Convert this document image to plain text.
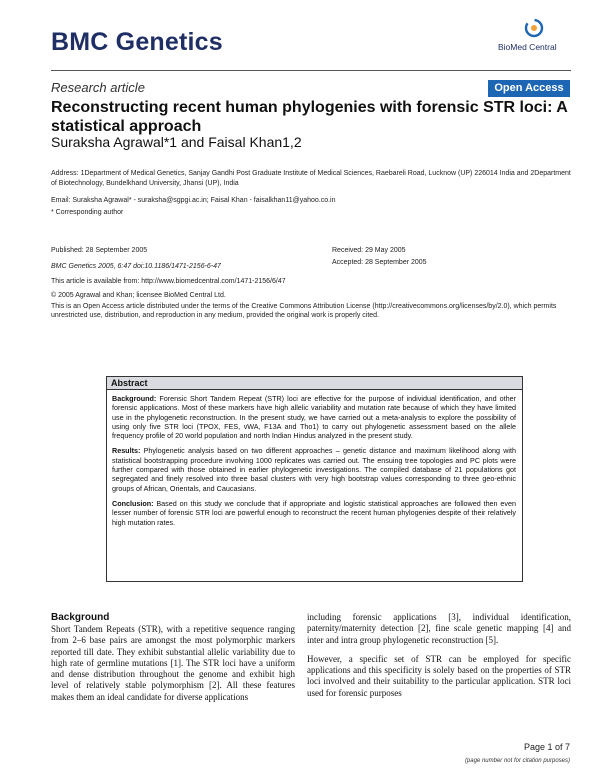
BMC Genetics	BioMed Central
Research article	Open Access
Reconstructing recent human phylogenies with forensic STR loci: A statistical approach
Suraksha Agrawal*1 and Faisal Khan1,2
Address: 1Department of Medical Genetics, Sanjay Gandhi Post Graduate Institute of Medical Sciences, Raebareli Road, Lucknow (UP) 226014 India and 2Department of Biotechnology, Bundelkhand University, Jhansi (UP), India
Email: Suraksha Agrawal* - suraksha@sgpgi.ac.in; Faisal Khan - faisalkhan11@yahoo.co.in
* Corresponding author
Published: 28 September 2005
BMC Genetics 2005, 6:47 doi:10.1186/1471-2156-6-47
Received: 29 May 2005
Accepted: 28 September 2005
This article is available from: http://www.biomedcentral.com/1471-2156/6/47
© 2005 Agrawal and Khan; licensee BioMed Central Ltd.
This is an Open Access article distributed under the terms of the Creative Commons Attribution License (http://creativecommons.org/licenses/by/2.0), which permits unrestricted use, distribution, and reproduction in any medium, provided the original work is properly cited.
Abstract

Background: Forensic Short Tandem Repeat (STR) loci are effective for the purpose of individual identification, and other forensic applications. Most of these markers have high allelic variability and mutation rate because of which they have limited use in the phylogenetic reconstruction. In the present study, we have carried out a meta-analysis to explore the possibility of using only five STR loci (TPOX, FES, vWA, F13A and Tho1) to carry out phylogenetic assessment based on the allele frequency profile of 20 world population and north Indian Hindus analyzed in the present study.

Results: Phylogenetic analysis based on two different approaches – genetic distance and maximum likelihood along with statistical bootstrapping procedure involving 1000 replicates was carried out. The ensuing tree topologies and PC plots were further compared with those obtained in earlier phylogenetic investigations. The compiled database of 21 populations got segregated and finely resolved into three basal clusters with very high bootstrap values corresponding to three geo-ethnic groups of African, Orientals, and Caucasians.

Conclusion: Based on this study we conclude that if appropriate and logistic statistical approaches are followed then even lesser number of forensic STR loci are powerful enough to reconstruct the recent human phylogenies despite of their relatively high mutation rates.

Background

Short Tandem Repeats (STR), with a repetitive sequence ranging from 2–6 base pairs are amongst the most polymorphic markers reported till date. They exhibit substantial allelic variability due to high rate of germline mutations [1]. The STR loci have a uniform and dense distribution throughout the genome and exhibit high level of relatively stable polymorphism [2]. All these features makes them an ideal candidate for diverse applications

including forensic applications [3], individual identification, paternity/maternity detection [2], fine scale genetic mapping [4] and inter and intra group phylogenetic reconstruction [5].

However, a specific set of STR can be employed for specific applications and this specificity is solely based on the properties of STR loci involved and their suitability to the particular application. STR loci used for forensic purposes

Page 1 of 7
(page number not for citation purposes)
